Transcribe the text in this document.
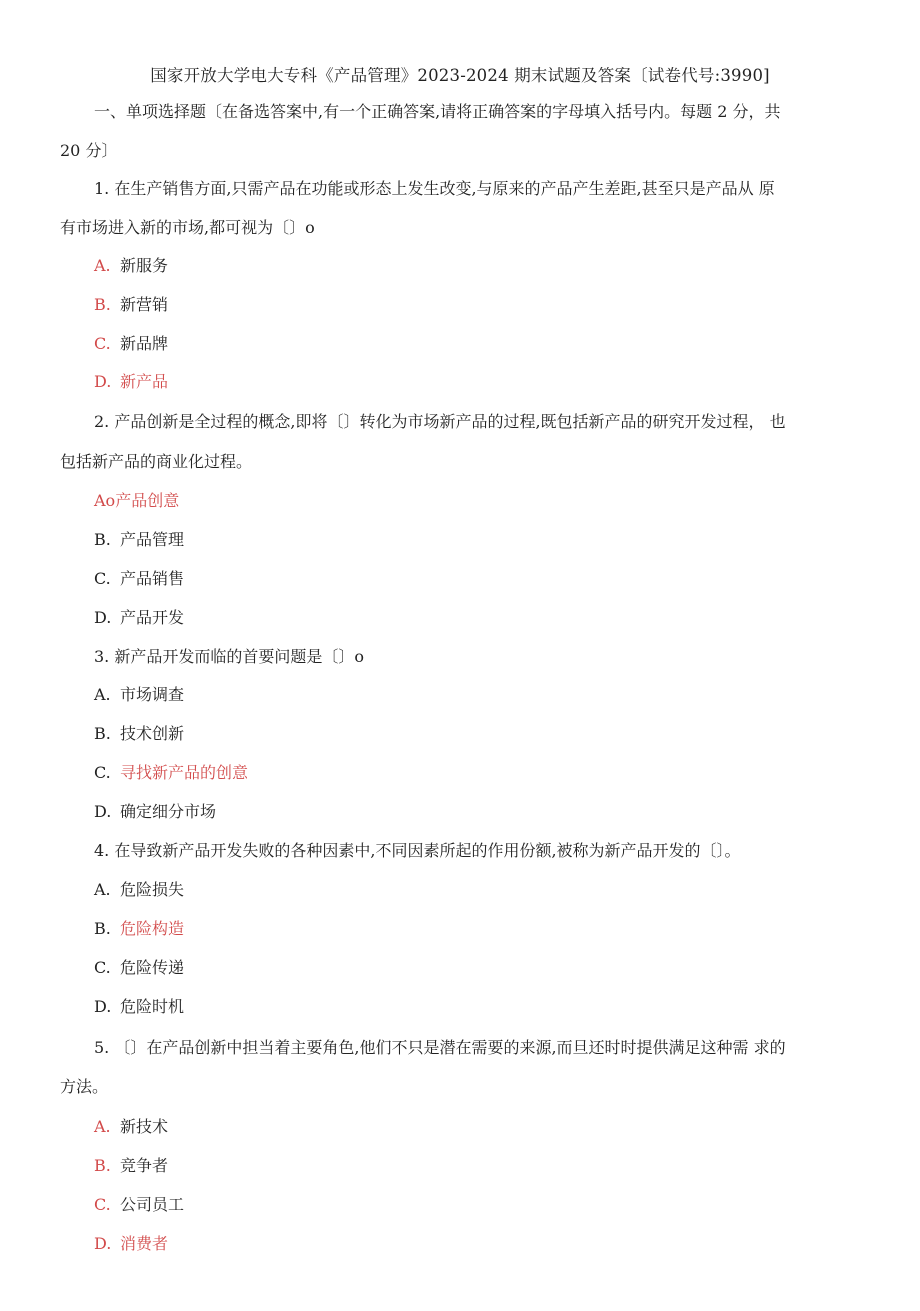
国家开放大学电大专科《产品管理》2023-2024 期末试题及答案〔试卷代号:3990]
一、单项选择题〔在备选答案中,有一个正确答案,请将正确答案的字母填入括号内。每题 2 分，共
20 分〕
1. 在生产销售方面,只需产品在功能或形态上发生改变,与原来的产品产生差距,甚至只是产品从 原
有市场进入新的市场,都可视为〔〕o
A. 新服务
B. 新营销
C. 新品牌
D. 新产品
2. 产品创新是全过程的概念,即将〔〕转化为市场新产品的过程,既包括新产品的研究开发过程， 也
包括新产品的商业化过程。
Ao产品创意
B. 产品管理
C. 产品销售
D. 产品开发
3. 新产品开发而临的首要问题是〔〕o
A. 市场调查
B. 技术创新
C. 寻找新产品的创意
D. 确定细分市场
4. 在导致新产品开发失败的各种因素中,不同因素所起的作用份额,被称为新产品开发的〔〕。
A. 危险损失
B. 危险构造
C. 危险传递
D. 危险时机
5. 〔〕在产品创新中担当着主要角色,他们不只是潜在需要的来源,而旦还时时提供满足这种需 求的
方法。
A. 新技术
B. 竞争者
C. 公司员工
D. 消费者
